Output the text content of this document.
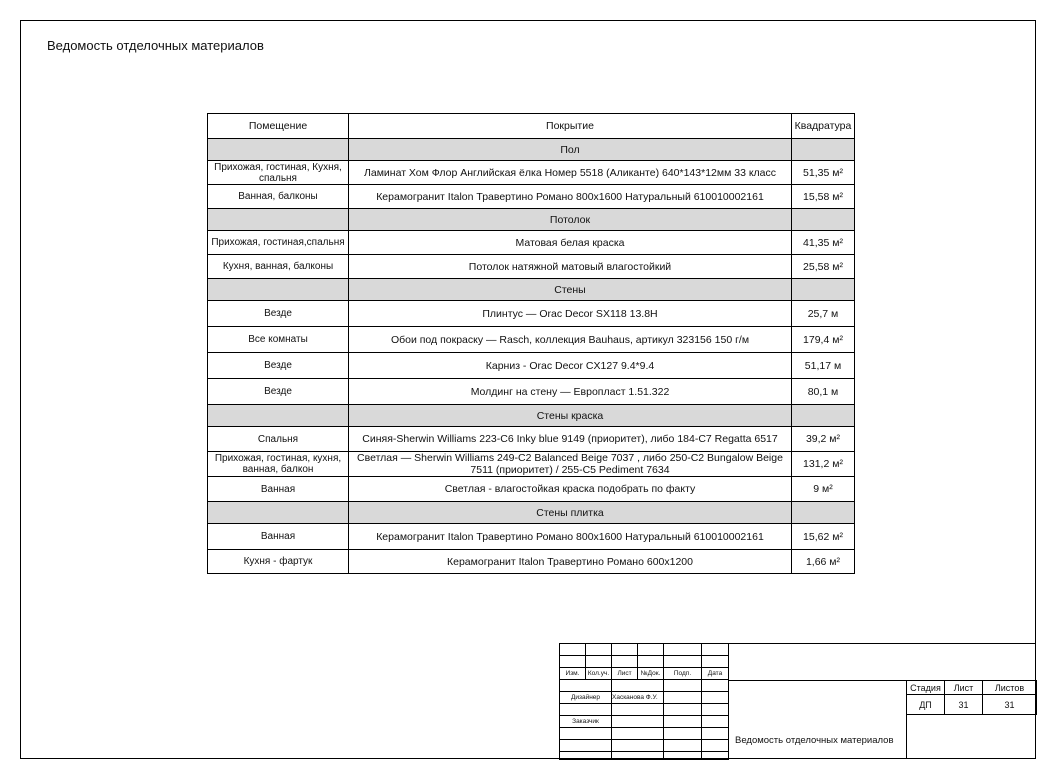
Ведомость отделочных материалов
Помещение	Покрытие	Квадратура
	Пол	
Прихожая, гостиная, Кухня, спальня	Ламинат Хом Флор Английская ёлка Номер 5518 (Аликанте) 640*143*12мм 33 класс	51,35 м²
Ванная, балконы	Керамогранит Italon Травертино Романо 800x1600 Натуральный 610010002161	15,58 м²
	Потолок	
Прихожая, гостиная,спальня	Матовая белая краска	41,35 м²
Кухня, ванная, балконы	Потолок натяжной матовый влагостойкий	25,58 м²
	Стены	
Везде	Плинтус — Orac Decor SX118 13.8H	25,7 м
Все комнаты	Обои под покраску — Rasch, коллекция Bauhaus, артикул 323156 150 г/м	179,4 м²
Везде	Карниз - Orac Decor CX127 9.4*9.4	51,17 м
Везде	Молдинг на стену — Европласт 1.51.322	80,1 м
	Стены краска	
Спальня	Синяя-Sherwin Williams 223-C6 Inky blue 9149 (приоритет), либо 184-C7 Regatta 6517	39,2 м²
Прихожая, гостиная, кухня, ванная, балкон	Светлая — Sherwin Williams 249-C2 Balanced Beige 7037 , либо 250-C2 Bungalow Beige 7511 (приоритет) / 255-C5 Pediment 7634	131,2 м²
Ванная	Светлая - влагостойкая краска подобрать по факту	9 м²
	Стены плитка	
Ванная	Керамогранит Italon Травертино Романо 800x1600 Натуральный 610010002161	15,62 м²
Кухня - фартук	Керамогранит Italon Травертино Романо 600x1200	1,66 м²

Изм.	Кол.уч.	Лист	№Док.	Подп.	Дата

Дизайнер		Хасканова Ф.У.			

Заказчик					

Ведомость отделочных материалов
Стадия	Лист	Листов
ДП	31	31
